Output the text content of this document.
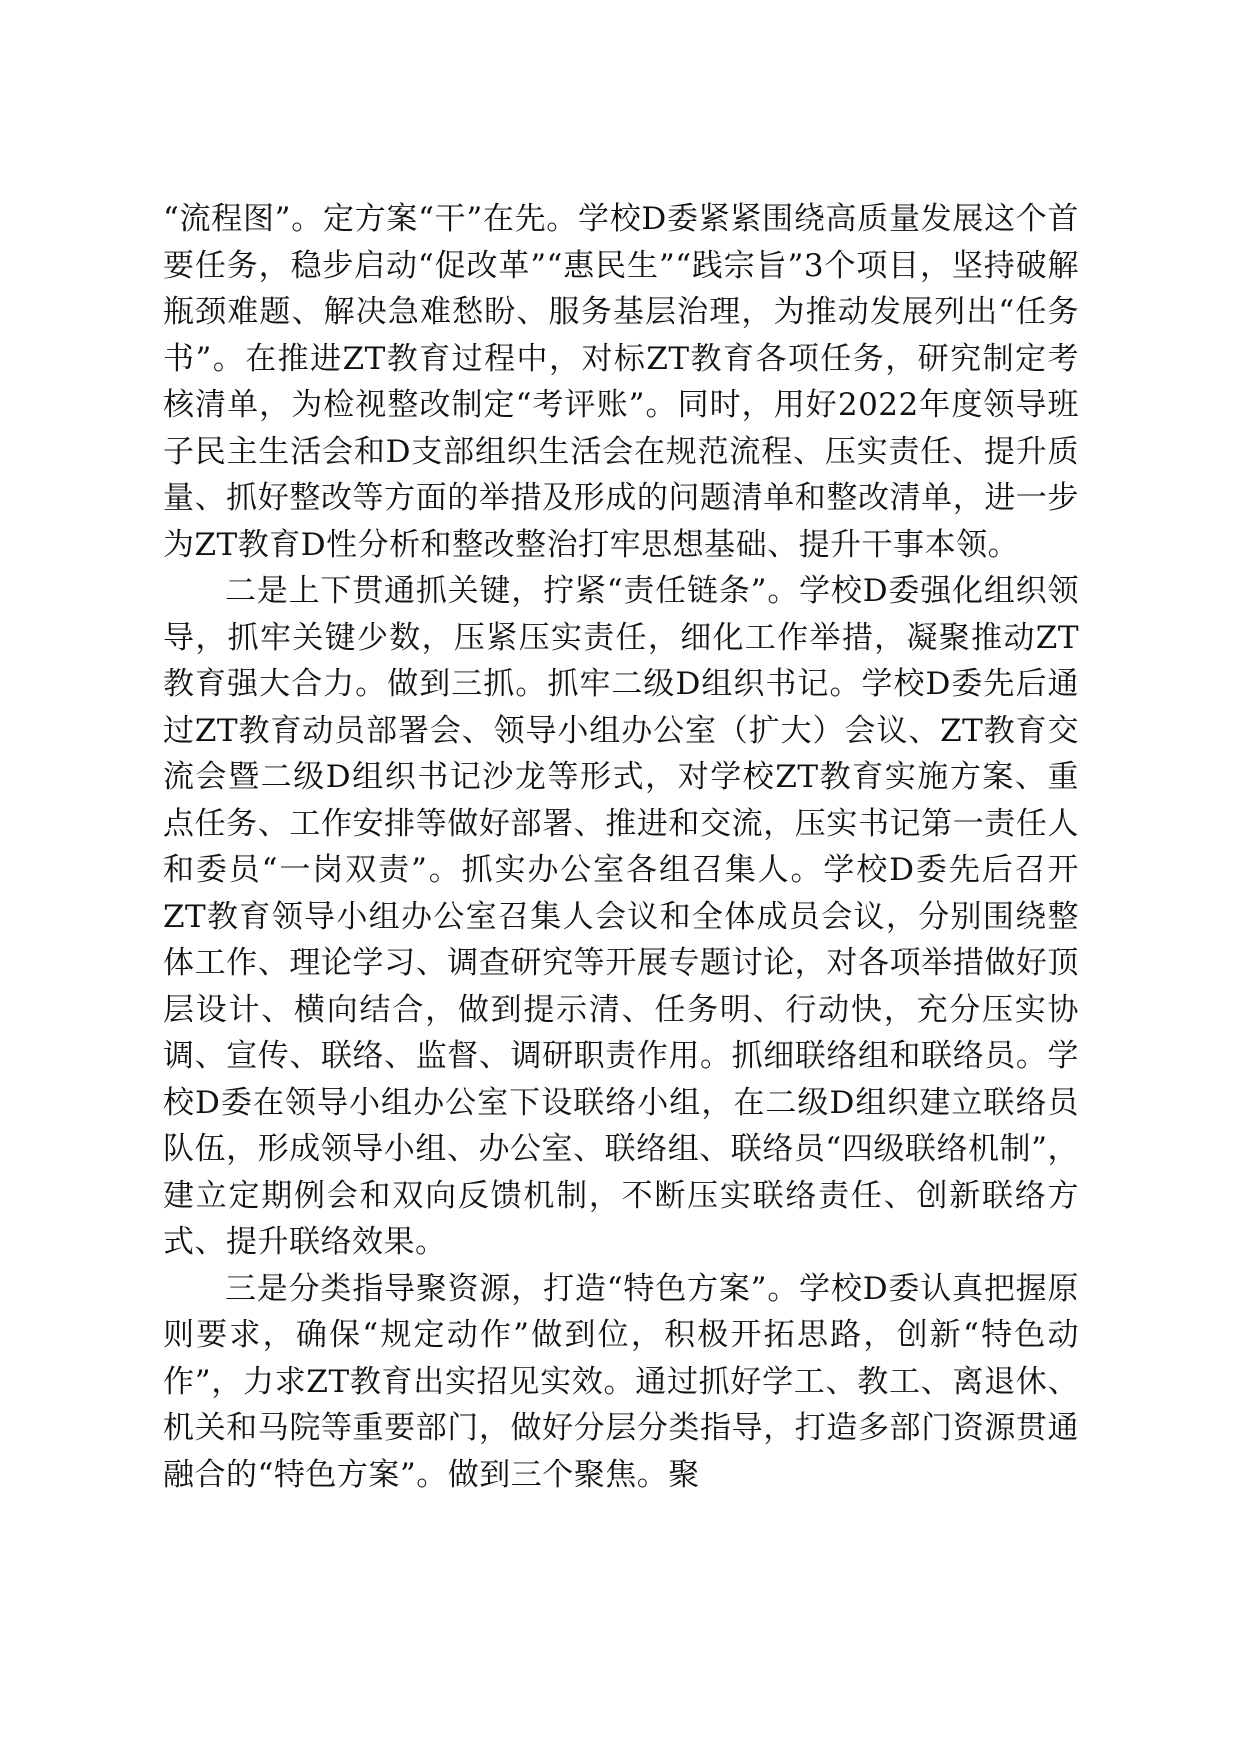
“流程图”。定方案“干”在先。学校D委紧紧围绕高质量发展这个首要任务，稳步启动“促改革”“惠民生”“践宗旨”3个项目，坚持破解瓶颈难题、解决急难愁盼、服务基层治理，为推动发展列出“任务书”。在推进ZT教育过程中，对标ZT教育各项任务，研究制定考核清单，为检视整改制定“考评账”。同时，用好2022年度领导班子民主生活会和D支部组织生活会在规范流程、压实责任、提升质量、抓好整改等方面的举措及形成的问题清单和整改清单，进一步为ZT教育D性分析和整改整治打牢思想基础、提升干事本领。

二是上下贯通抓关键，拧紧“责任链条”。学校D委强化组织领导，抓牢关键少数，压紧压实责任，细化工作举措，凝聚推动ZT教育强大合力。做到三抓。抓牢二级D组织书记。学校D委先后通过ZT教育动员部署会、领导小组办公室（扩大）会议、ZT教育交流会暨二级D组织书记沙龙等形式，对学校ZT教育实施方案、重点任务、工作安排等做好部署、推进和交流，压实书记第一责任人和委员“一岗双责”。抓实办公室各组召集人。学校D委先后召开ZT教育领导小组办公室召集人会议和全体成员会议，分别围绕整体工作、理论学习、调查研究等开展专题讨论，对各项举措做好顶层设计、横向结合，做到提示清、任务明、行动快，充分压实协调、宣传、联络、监督、调研职责作用。抓细联络组和联络员。学校D委在领导小组办公室下设联络小组，在二级D组织建立联络员队伍，形成领导小组、办公室、联络组、联络员“四级联络机制”，建立定期例会和双向反馈机制，不断压实联络责任、创新联络方式、提升联络效果。

三是分类指导聚资源，打造“特色方案”。学校D委认真把握原则要求，确保“规定动作”做到位，积极开拓思路，创新“特色动作”，力求ZT教育出实招见实效。通过抓好学工、教工、离退休、机关和马院等重要部门，做好分层分类指导，打造多部门资源贯通融合的“特色方案”。做到三个聚焦。聚
